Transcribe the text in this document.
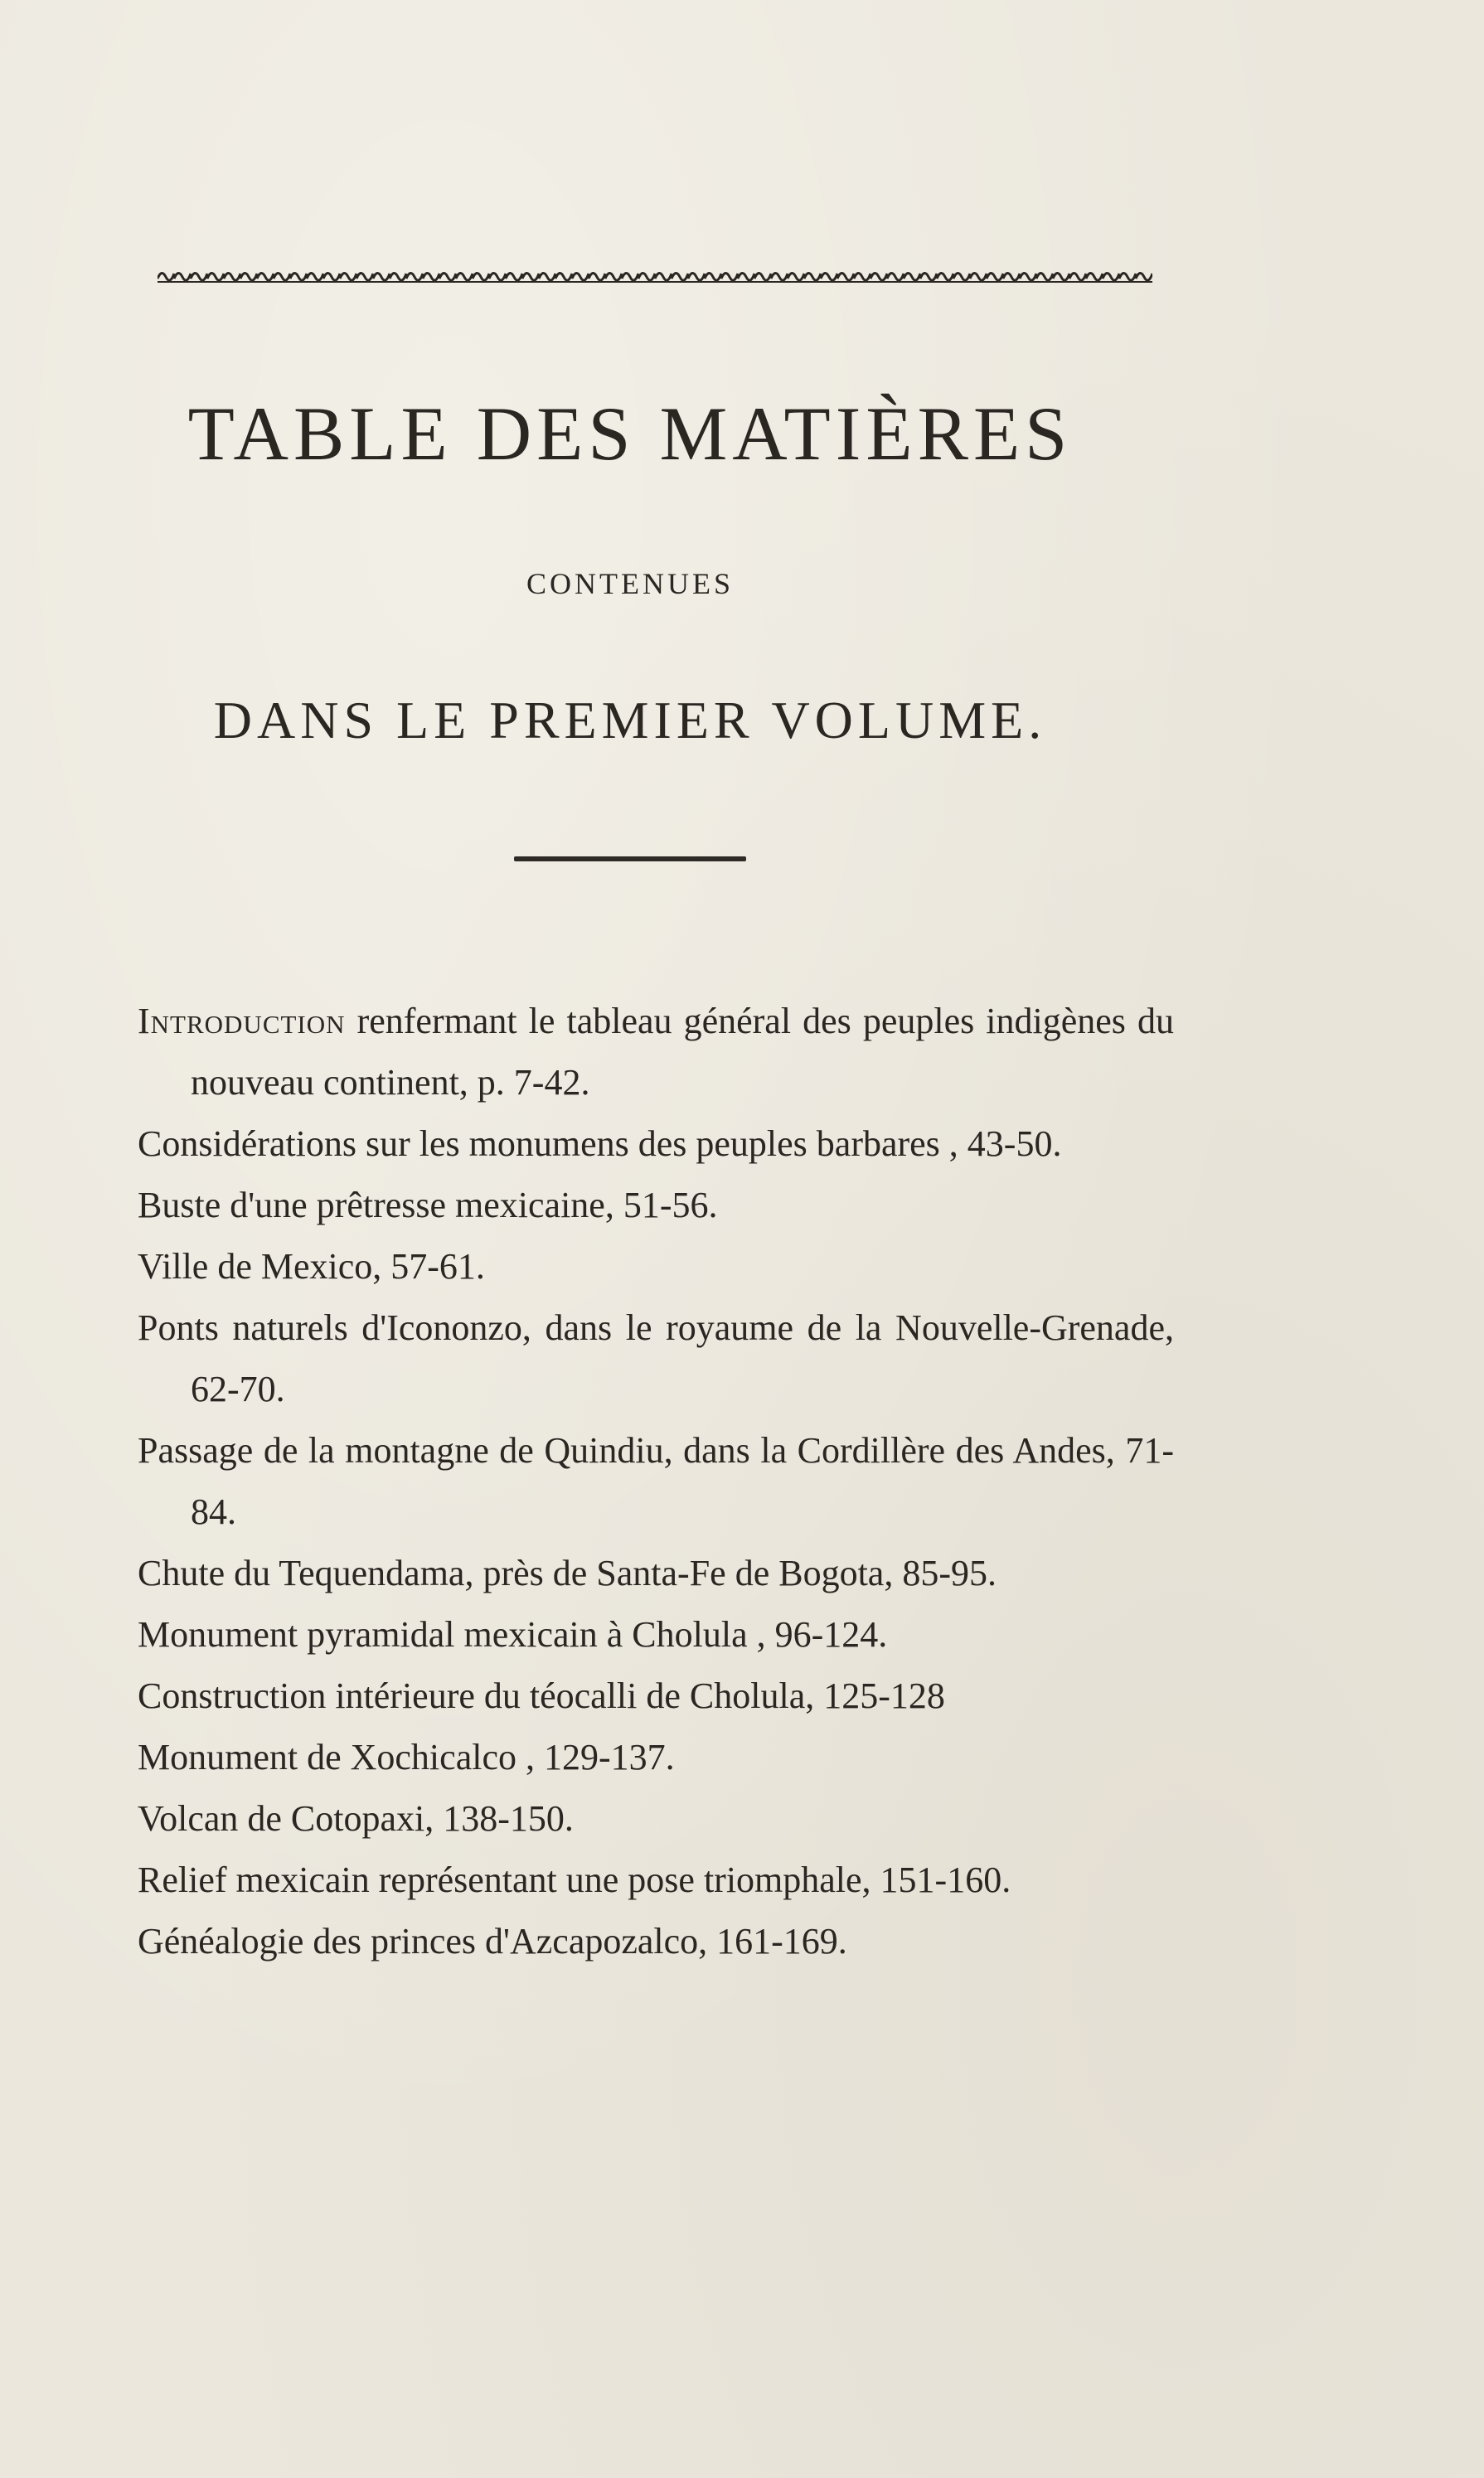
TABLE DES MATIÈRES
CONTENUES
DANS LE PREMIER VOLUME.
Introduction renfermant le tableau général des peuples indigènes du nouveau continent, p. 7-42.
Considérations sur les monumens des peuples barbares , 43-50.
Buste d'une prêtresse mexicaine, 51-56.
Ville de Mexico, 57-61.
Ponts naturels d'Icononzo, dans le royaume de la Nouvelle-Grenade, 62-70.
Passage de la montagne de Quindiu, dans la Cordillère des Andes, 71-84.
Chute du Tequendama, près de Santa-Fe de Bogota, 85-95.
Monument pyramidal mexicain à Cholula , 96-124.
Construction intérieure du téocalli de Cholula, 125-128
Monument de Xochicalco , 129-137.
Volcan de Cotopaxi, 138-150.
Relief mexicain représentant une pose triomphale, 151-160.
Généalogie des princes d'Azcapozalco, 161-169.
